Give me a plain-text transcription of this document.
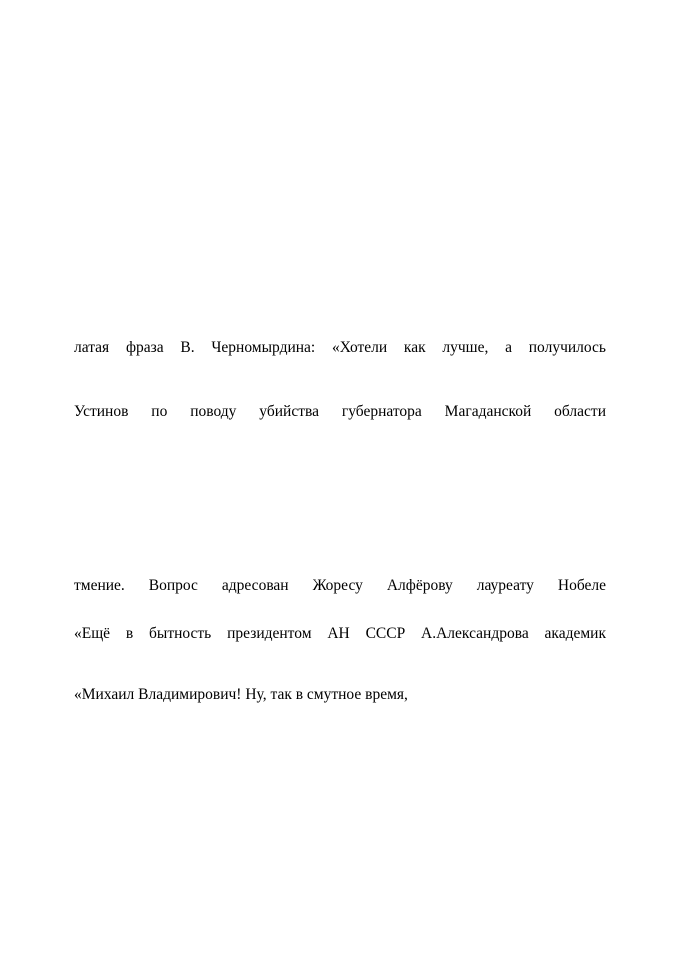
латая фраза В. Черномырдина: «Хотели как лучше, а получилось
Устинов по поводу убийства губернатора Магаданской области
тмение. Вопрос адресован Жоресу Алфёрову лауреату Нобеле
«Ещё в бытность президентом АН СССР А.Александрова академик
«Михаил Владимирович! Ну, так в смутное время,
